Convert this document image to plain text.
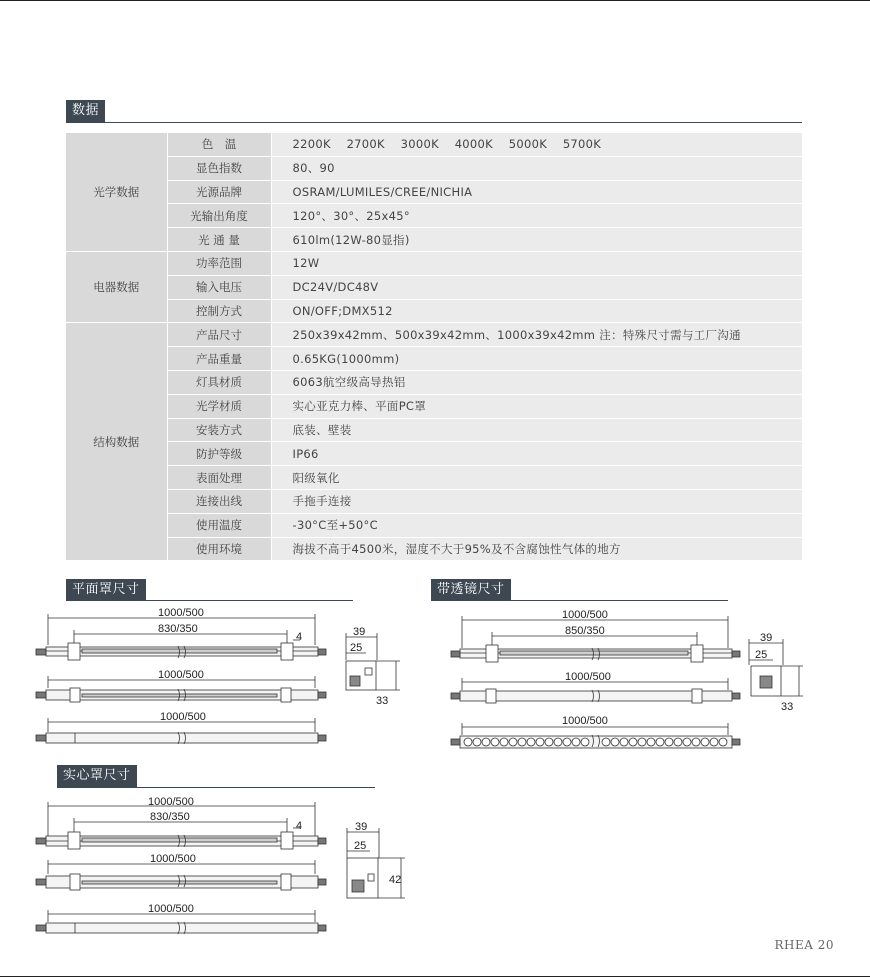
数据
光学数据	色　温	2200K　 2700K 　3000K　 4000K　 5000K　 5700K
	显色指数	80、90
	光源品牌	OSRAM/LUMILES/CREE/NICHIA
	光输出角度	120°、30°、25x45°
	光 通 量	610lm(12W-80显指)
电器数据	功率范围	12W
	输入电压	DC24V/DC48V
	控制方式	ON/OFF;DMX512
结构数据	产品尺寸	250x39x42mm、500x39x42mm、1000x39x42mm 注：特殊尺寸需与工厂沟通
	产品重量	0.65KG(1000mm)
	灯具材质	6063航空级高导热铝
	光学材质	实心亚克力棒、平面PC罩
	安装方式	底装、壁装
	防护等级	IP66
	表面处理	阳级氧化
	连接出线	手拖手连接
	使用温度	-30°C至+50°C
	使用环境	海拔不高于4500米，湿度不大于95%及不含腐蚀性气体的地方
平面罩尺寸	带透镜尺寸
实心罩尺寸
1000/500
830/350
4
1000/500
1000/500
39
25
33
1000/500
850/350
1000/500
1000/500
39
25
33
1000/500
830/350
4
1000/500
1000/500
39
25
42
RHEA 20
